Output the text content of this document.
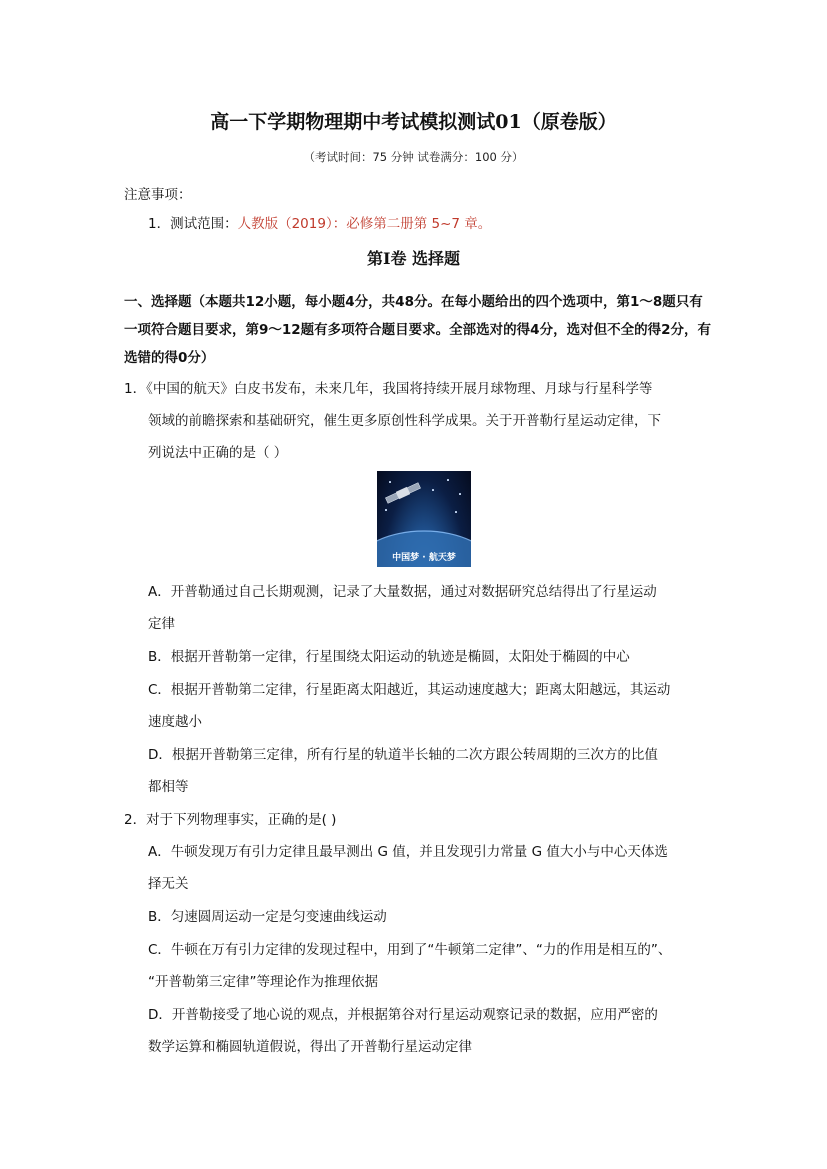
高一下学期物理期中考试模拟测试01（原卷版）
（考试时间：75 分钟 试卷满分：100 分）
注意事项：
1．测试范围：人教版（2019）：必修第二册第 5~7 章。
第Ⅰ卷 选择题
一、选择题（本题共12小题，每小题4分，共48分。在每小题给出的四个选项中，第1～8题只有一项符合题目要求，第9～12题有多项符合题目要求。全部选对的得4分，选对但不全的得2分，有选错的得0分）
1．《中国的航天》白皮书发布，未来几年，我国将持续开展月球物理、月球与行星科学等
领域的前瞻探索和基础研究，催生更多原创性科学成果。关于开普勒行星运动定律，下
列说法中正确的是（ ）
中国梦 · 航天梦
A．开普勒通过自己长期观测，记录了大量数据，通过对数据研究总结得出了行星运动
定律
B．根据开普勒第一定律，行星围绕太阳运动的轨迹是椭圆，太阳处于椭圆的中心
C．根据开普勒第二定律，行星距离太阳越近，其运动速度越大；距离太阳越远，其运动
速度越小
D．根据开普勒第三定律，所有行星的轨道半长轴的二次方跟公转周期的三次方的比值
都相等
2．对于下列物理事实，正确的是( )
A．牛顿发现万有引力定律且最早测出 G 值，并且发现引力常量 G 值大小与中心天体选
择无关
B．匀速圆周运动一定是匀变速曲线运动
C．牛顿在万有引力定律的发现过程中，用到了“牛顿第二定律”、“力的作用是相互的”、
“开普勒第三定律”等理论作为推理依据
D．开普勒接受了地心说的观点，并根据第谷对行星运动观察记录的数据，应用严密的
数学运算和椭圆轨道假说，得出了开普勒行星运动定律
